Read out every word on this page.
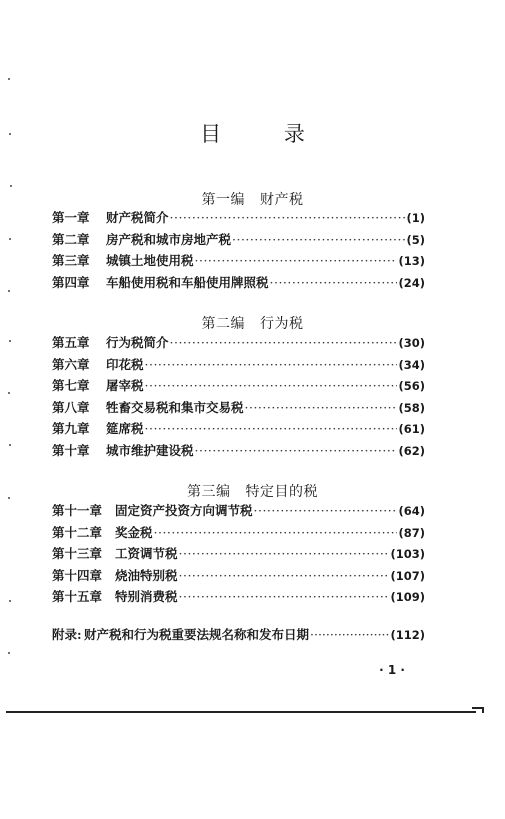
目 录
第一编 财产税
第一章	财产税简介 ·····	(1)
第二章	房产税和城市房地产税 ·····	(5)
第三章	城镇土地使用税 ·····	(13)
第四章	车船使用税和车船使用牌照税 ·····	(24)
第二编 行为税
第五章	行为税简介 ·····	(30)
第六章	印花税 ·····	(34)
第七章	屠宰税 ·····	(56)
第八章	牲畜交易税和集市交易税 ·····	(58)
第九章	筵席税 ·····	(61)
第十章	城市维护建设税 ·····	(62)
第三编 特定目的税
第十一章	固定资产投资方向调节税 ·····	(64)
第十二章	奖金税 ·····	(87)
第十三章	工资调节税 ·····	(103)
第十四章	烧油特别税 ·····	(107)
第十五章	特别消费税 ·····	(109)
附录: 财产税和行为税重要法规名称和发布日期 ·····	(112)
· 1 ·
